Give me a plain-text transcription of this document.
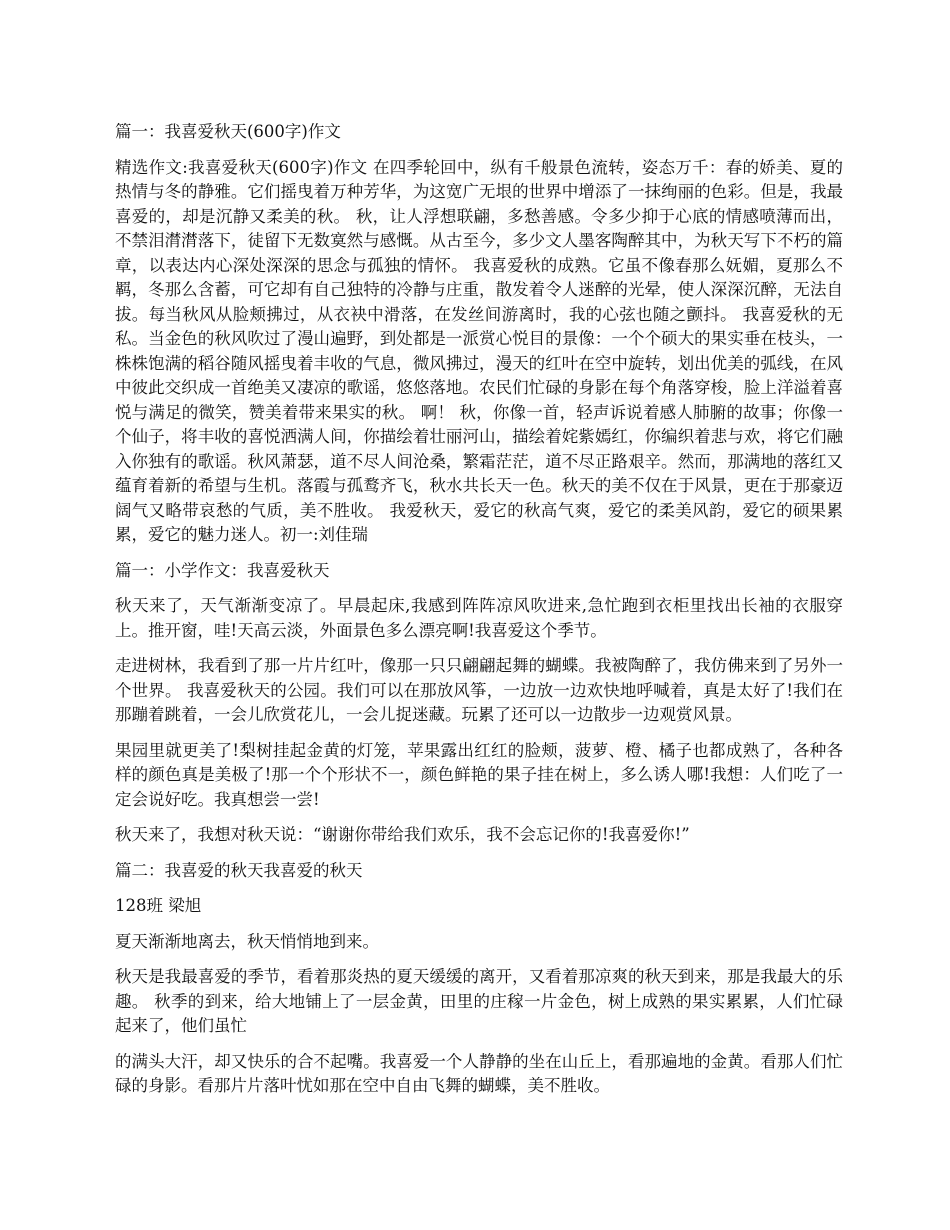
篇一：我喜爱秋天(600字)作文

精选作文:我喜爱秋天(600字)作文 在四季轮回中，纵有千般景色流转，姿态万千：春的娇美、夏的热情与冬的静雅。它们摇曳着万种芳华，为这宽广无垠的世界中增添了一抹绚丽的色彩。但是，我最喜爱的，却是沉静又柔美的秋。 秋，让人浮想联翩，多愁善感。令多少抑于心底的情感喷薄而出，不禁泪潸潸落下，徒留下无数寞然与感慨。从古至今，多少文人墨客陶醉其中，为秋天写下不朽的篇章，以表达内心深处深深的思念与孤独的情怀。 我喜爱秋的成熟。它虽不像春那么妩媚，夏那么不羁，冬那么含蓄，可它却有自己独特的冷静与庄重，散发着令人迷醉的光晕，使人深深沉醉，无法自拔。每当秋风从脸颊拂过，从衣袂中滑落，在发丝间游离时，我的心弦也随之颤抖。 我喜爱秋的无私。当金色的秋风吹过了漫山遍野，到处都是一派赏心悦目的景像：一个个硕大的果实垂在枝头，一株株饱满的稻谷随风摇曳着丰收的气息，微风拂过，漫天的红叶在空中旋转，划出优美的弧线，在风中彼此交织成一首绝美又凄凉的歌谣，悠悠落地。农民们忙碌的身影在每个角落穿梭，脸上洋溢着喜悦与满足的微笑，赞美着带来果实的秋。 啊！ 秋，你像一首，轻声诉说着感人肺腑的故事；你像一个仙子，将丰收的喜悦洒满人间，你描绘着壮丽河山，描绘着姹紫嫣红，你编织着悲与欢，将它们融入你独有的歌谣。秋风萧瑟，道不尽人间沧桑，繁霜茫茫，道不尽正路艰辛。然而，那满地的落红又蕴育着新的希望与生机。落霞与孤鹜齐飞，秋水共长天一色。秋天的美不仅在于风景，更在于那豪迈阔气又略带哀愁的气质，美不胜收。 我爱秋天，爱它的秋高气爽，爱它的柔美风韵，爱它的硕果累累，爱它的魅力迷人。初一:刘佳瑞

篇一：小学作文：我喜爱秋天

秋天来了，天气渐渐变凉了。早晨起床,我感到阵阵凉风吹进来,急忙跑到衣柜里找出长袖的衣服穿上。推开窗，哇!天高云淡，外面景色多么漂亮啊!我喜爱这个季节。

走进树林，我看到了那一片片红叶，像那一只只翩翩起舞的蝴蝶。我被陶醉了，我仿佛来到了另外一个世界。 我喜爱秋天的公园。我们可以在那放风筝，一边放一边欢快地呼喊着，真是太好了!我们在那蹦着跳着，一会儿欣赏花儿，一会儿捉迷藏。玩累了还可以一边散步一边观赏风景。

果园里就更美了!梨树挂起金黄的灯笼，苹果露出红红的脸颊，菠萝、橙、橘子也都成熟了，各种各样的颜色真是美极了!那一个个形状不一，颜色鲜艳的果子挂在树上，多么诱人哪!我想：人们吃了一定会说好吃。我真想尝一尝!

秋天来了，我想对秋天说：“谢谢你带给我们欢乐，我不会忘记你的!我喜爱你!”

篇二：我喜爱的秋天我喜爱的秋天

128班 梁旭

夏天渐渐地离去，秋天悄悄地到来。

秋天是我最喜爱的季节，看着那炎热的夏天缓缓的离开，又看着那凉爽的秋天到来，那是我最大的乐趣。 秋季的到来，给大地铺上了一层金黄，田里的庄稼一片金色，树上成熟的果实累累，人们忙碌起来了，他们虽忙

的满头大汗，却又快乐的合不起嘴。我喜爱一个人静静的坐在山丘上，看那遍地的金黄。看那人们忙碌的身影。看那片片落叶忧如那在空中自由飞舞的蝴蝶，美不胜收。
